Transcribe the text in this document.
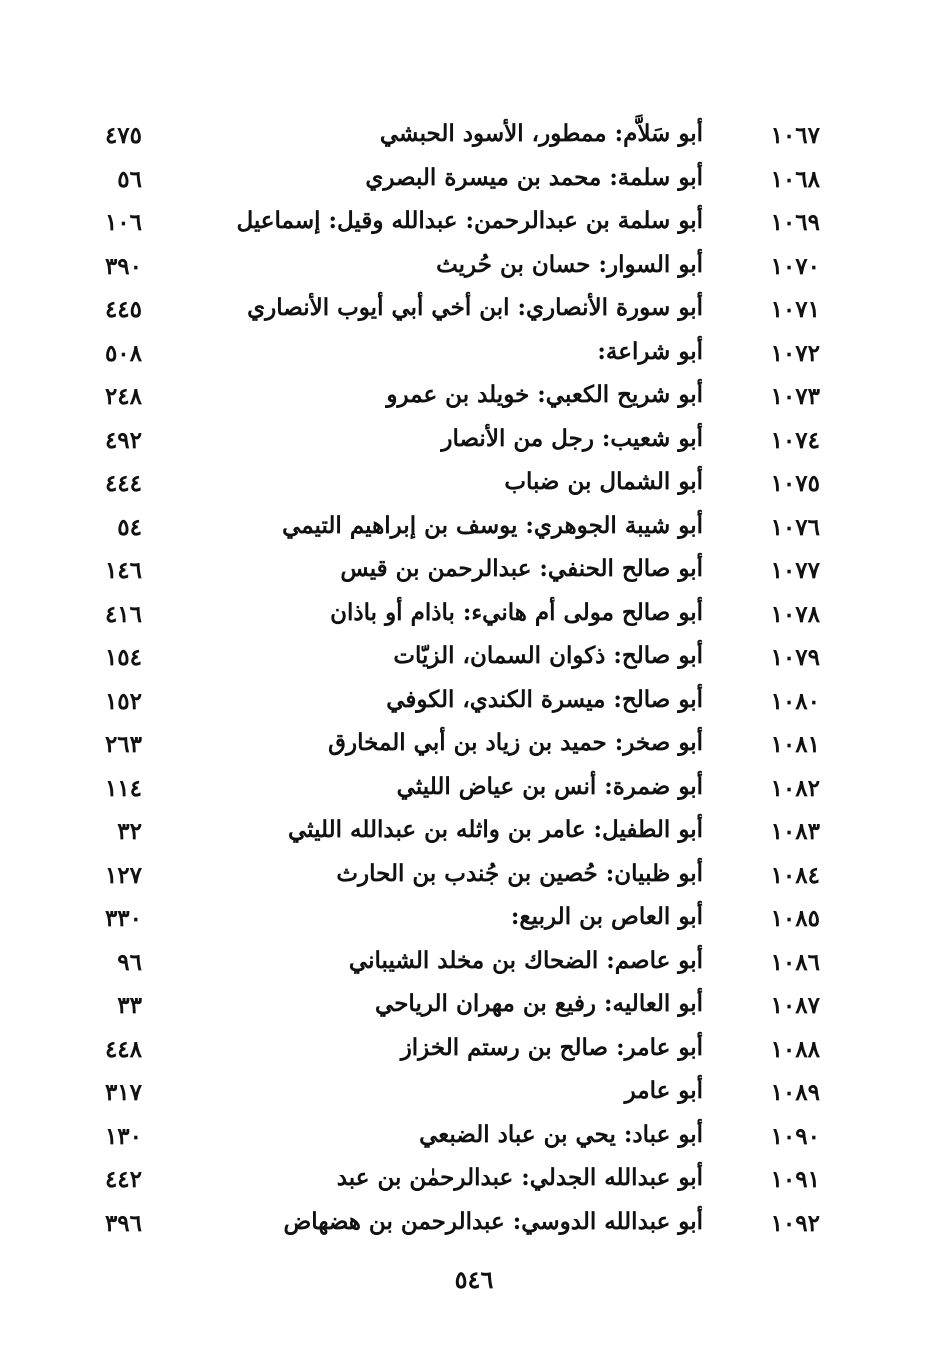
١٠٦٧
أبو سَلاَّم: ممطور، الأسود الحبشي
٤٧٥
١٠٦٨
أبو سلمة: محمد بن ميسرة البصري
٥٦
١٠٦٩
أبو سلمة بن عبدالرحمن: عبدالله وقيل: إسماعيل
١٠٦
١٠٧٠
أبو السوار: حسان بن حُريث
٣٩٠
١٠٧١
أبو سورة الأنصاري: ابن أخي أبي أيوب الأنصاري
٤٤٥
١٠٧٢
أبو شراعة:
٥٠٨
١٠٧٣
أبو شريح الكعبي: خويلد بن عمرو
٢٤٨
١٠٧٤
أبو شعيب: رجل من الأنصار
٤٩٢
١٠٧٥
أبو الشمال بن ضباب
٤٤٤
١٠٧٦
أبو شيبة الجوهري: يوسف بن إبراهيم التيمي
٥٤
١٠٧٧
أبو صالح الحنفي: عبدالرحمن بن قيس
١٤٦
١٠٧٨
أبو صالح مولى أم هانيء: باذام أو باذان
٤١٦
١٠٧٩
أبو صالح: ذكوان السمان، الزيّات
١٥٤
١٠٨٠
أبو صالح: ميسرة الكندي، الكوفي
١٥٢
١٠٨١
أبو صخر: حميد بن زياد بن أبي المخارق
٢٦٣
١٠٨٢
أبو ضمرة: أنس بن عياض الليثي
١١٤
١٠٨٣
أبو الطفيل: عامر بن واثله بن عبدالله الليثي
٣٢
١٠٨٤
أبو ظبيان: حُصين بن جُندب بن الحارث
١٢٧
١٠٨٥
أبو العاص بن الربيع:
٣٣٠
١٠٨٦
أبو عاصم: الضحاك بن مخلد الشيباني
٩٦
١٠٨٧
أبو العاليه: رفيع بن مهران الرياحي
٣٣
١٠٨٨
أبو عامر: صالح بن رستم الخزاز
٤٤٨
١٠٨٩
أبو عامر
٣١٧
١٠٩٠
أبو عباد: يحي بن عباد الضبعي
١٣٠
١٠٩١
أبو عبدالله الجدلي: عبدالرحمٰن بن عبد
٤٤٢
١٠٩٢
أبو عبدالله الدوسي: عبدالرحمن بن هضهاض
٣٩٦
٥٤٦
